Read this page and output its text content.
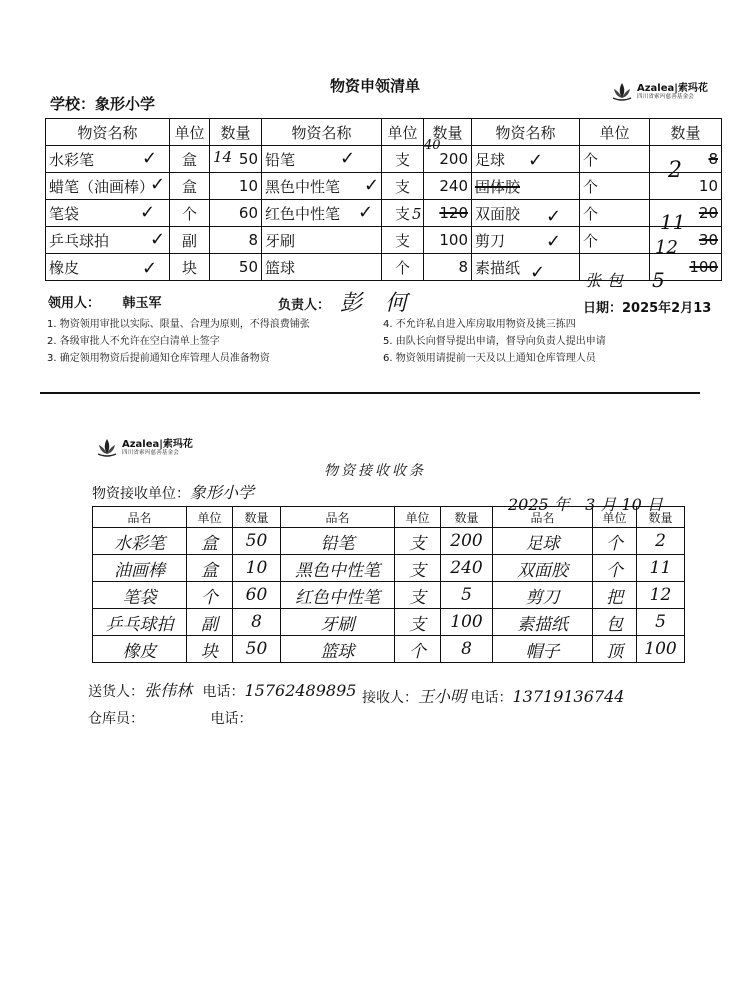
Azalea|索玛花
四川省索玛慈善基金会
物资申领清单
学校：象形小学
物资名称	单位	数量	物资名称	单位	数量	物资名称	单位	数量
水彩笔	盒	50	铅笔	支	200	足球	个	8
蜡笔（油画棒）	盒	10	黑色中性笔	支	240	固体胶	个	10
笔袋	个	60	红色中性笔	支	120	双面胶	个	20
乒乓球拍	副	8	牙刷	支	100	剪刀	个	30
橡皮	块	50	篮球	个	8	素描纸		100
14
40
5
2
11
12
5
张 包
✓
✓
✓
✓
✓
✓
✓
✓
✓
✓
✓
✓
领用人： 韩玉军	负责人： 彭 何	日期：2025年2月13
1. 物资领用审批以实际、限量、合理为原则，不得浪费铺张
2. 各级审批人不允许在空白清单上签字
3. 确定领用物资后提前通知仓库管理人员准备物资
4. 不允许私自进入库房取用物资及挑三拣四
5. 由队长向督导提出申请，督导向负责人提出申请
6. 物资领用请提前一天及以上通知仓库管理人员
Azalea|索玛花
四川省索玛慈善基金会
物资接收收条
物资接收单位：象形小学
2025 年   3 月 10 日
品名	单位	数量	品名	单位	数量	品名	单位	数量
水彩笔	盒	50	铅笔	支	200	足球	个	2
油画棒	盒	10	黑色中性笔	支	240	双面胶	个	11
笔袋	个	60	红色中性笔	支	5	剪刀	把	12
乒乓球拍	副	8	牙刷	支	100	素描纸	包	5
橡皮	块	50	篮球	个	8	帽子	顶	100
送货人：张伟林 电话：15762489895 接收人：王小明 电话：13719136744
仓库员：	电话：
